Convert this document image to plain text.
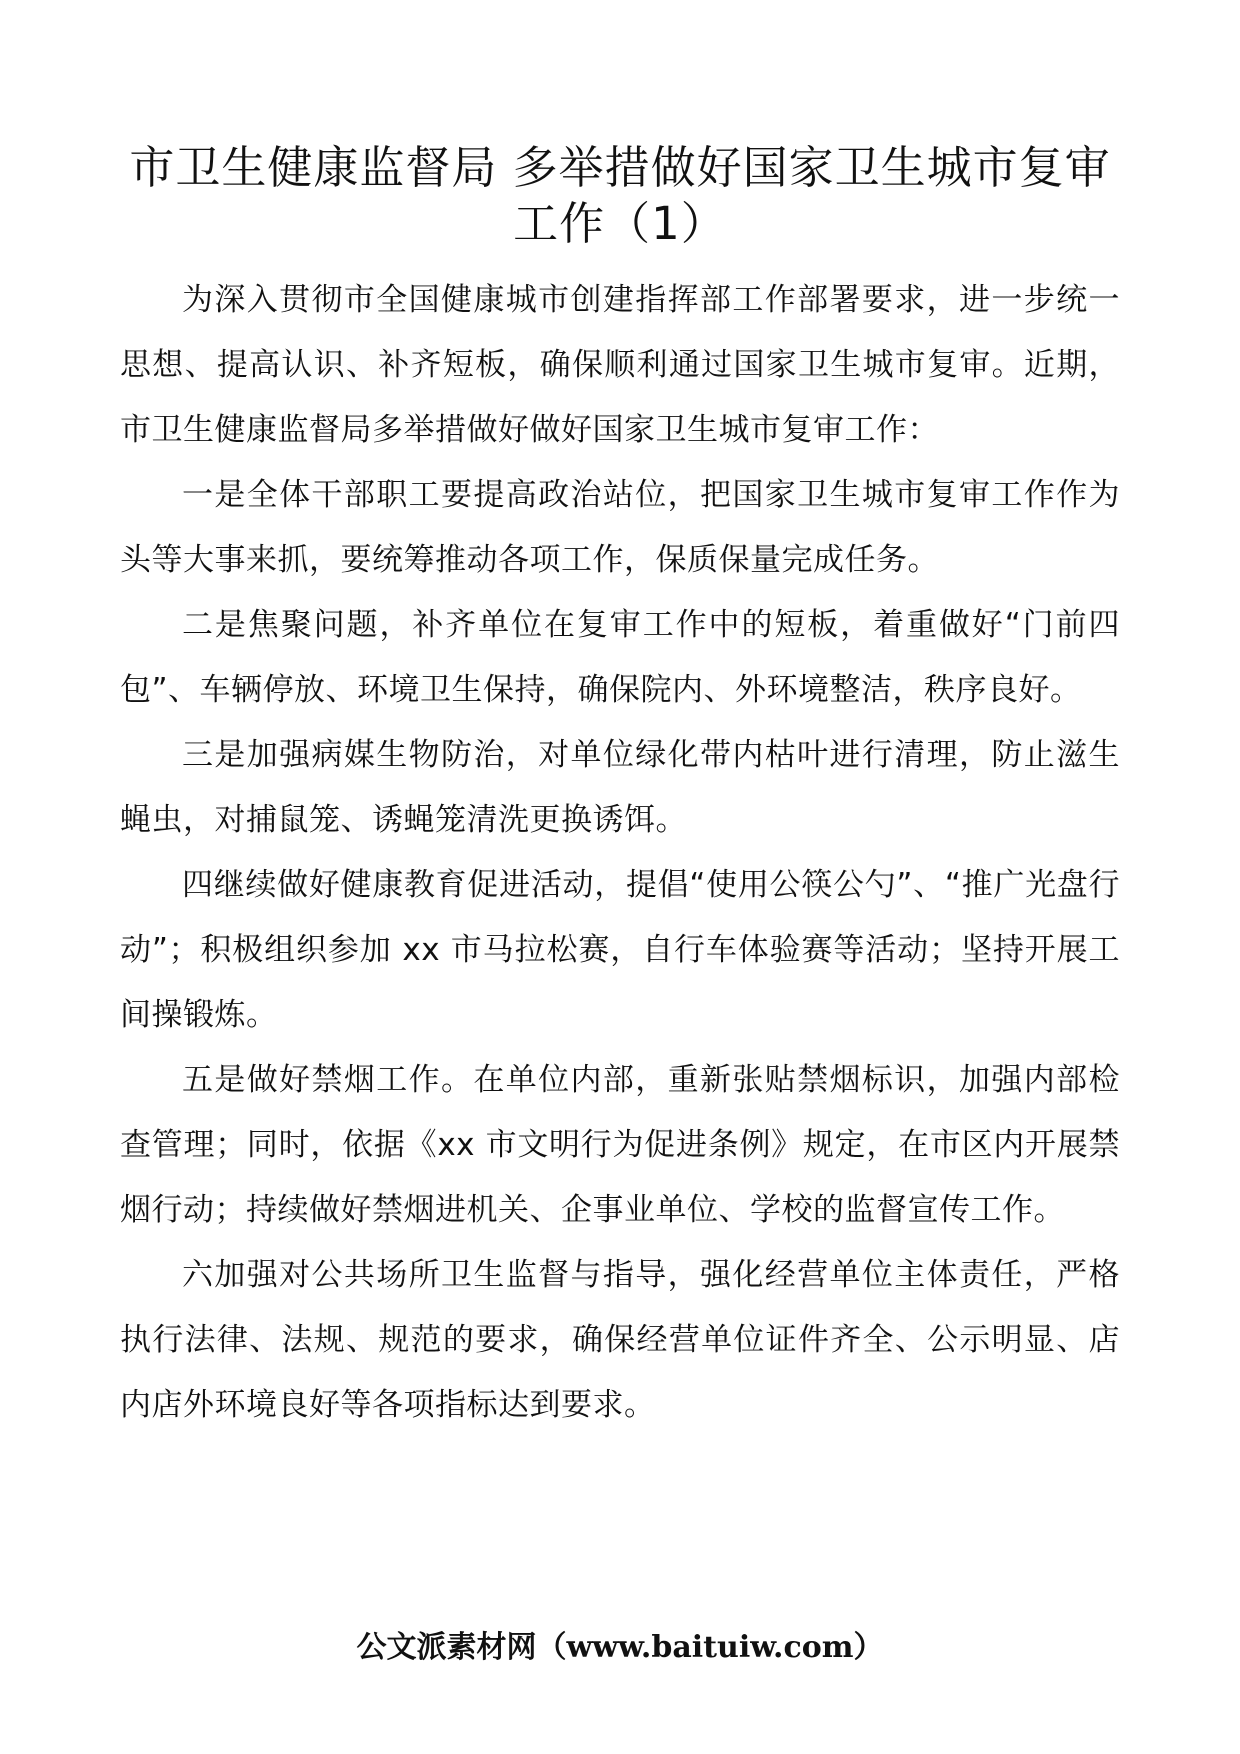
市卫生健康监督局 多举措做好国家卫生城市复审
工作（1）

为深入贯彻市全国健康城市创建指挥部工作部署要求，进一步统一思想、提高认识、补齐短板，确保顺利通过国家卫生城市复审。近期，市卫生健康监督局多举措做好做好国家卫生城市复审工作：

一是全体干部职工要提高政治站位，把国家卫生城市复审工作作为头等大事来抓，要统筹推动各项工作，保质保量完成任务。

二是焦聚问题，补齐单位在复审工作中的短板，着重做好“门前四包”、车辆停放、环境卫生保持，确保院内、外环境整洁，秩序良好。

三是加强病媒生物防治，对单位绿化带内枯叶进行清理，防止滋生蝇虫，对捕鼠笼、诱蝇笼清洗更换诱饵。

四继续做好健康教育促进活动，提倡“使用公筷公勺”、“推广光盘行动”；积极组织参加 xx 市马拉松赛，自行车体验赛等活动；坚持开展工间操锻炼。

五是做好禁烟工作。在单位内部，重新张贴禁烟标识，加强内部检查管理；同时，依据《xx 市文明行为促进条例》规定，在市区内开展禁烟行动；持续做好禁烟进机关、企事业单位、学校的监督宣传工作。

六加强对公共场所卫生监督与指导，强化经营单位主体责任，严格执行法律、法规、规范的要求，确保经营单位证件齐全、公示明显、店内店外环境良好等各项指标达到要求。

公文派素材网（www.baituiw.com）
